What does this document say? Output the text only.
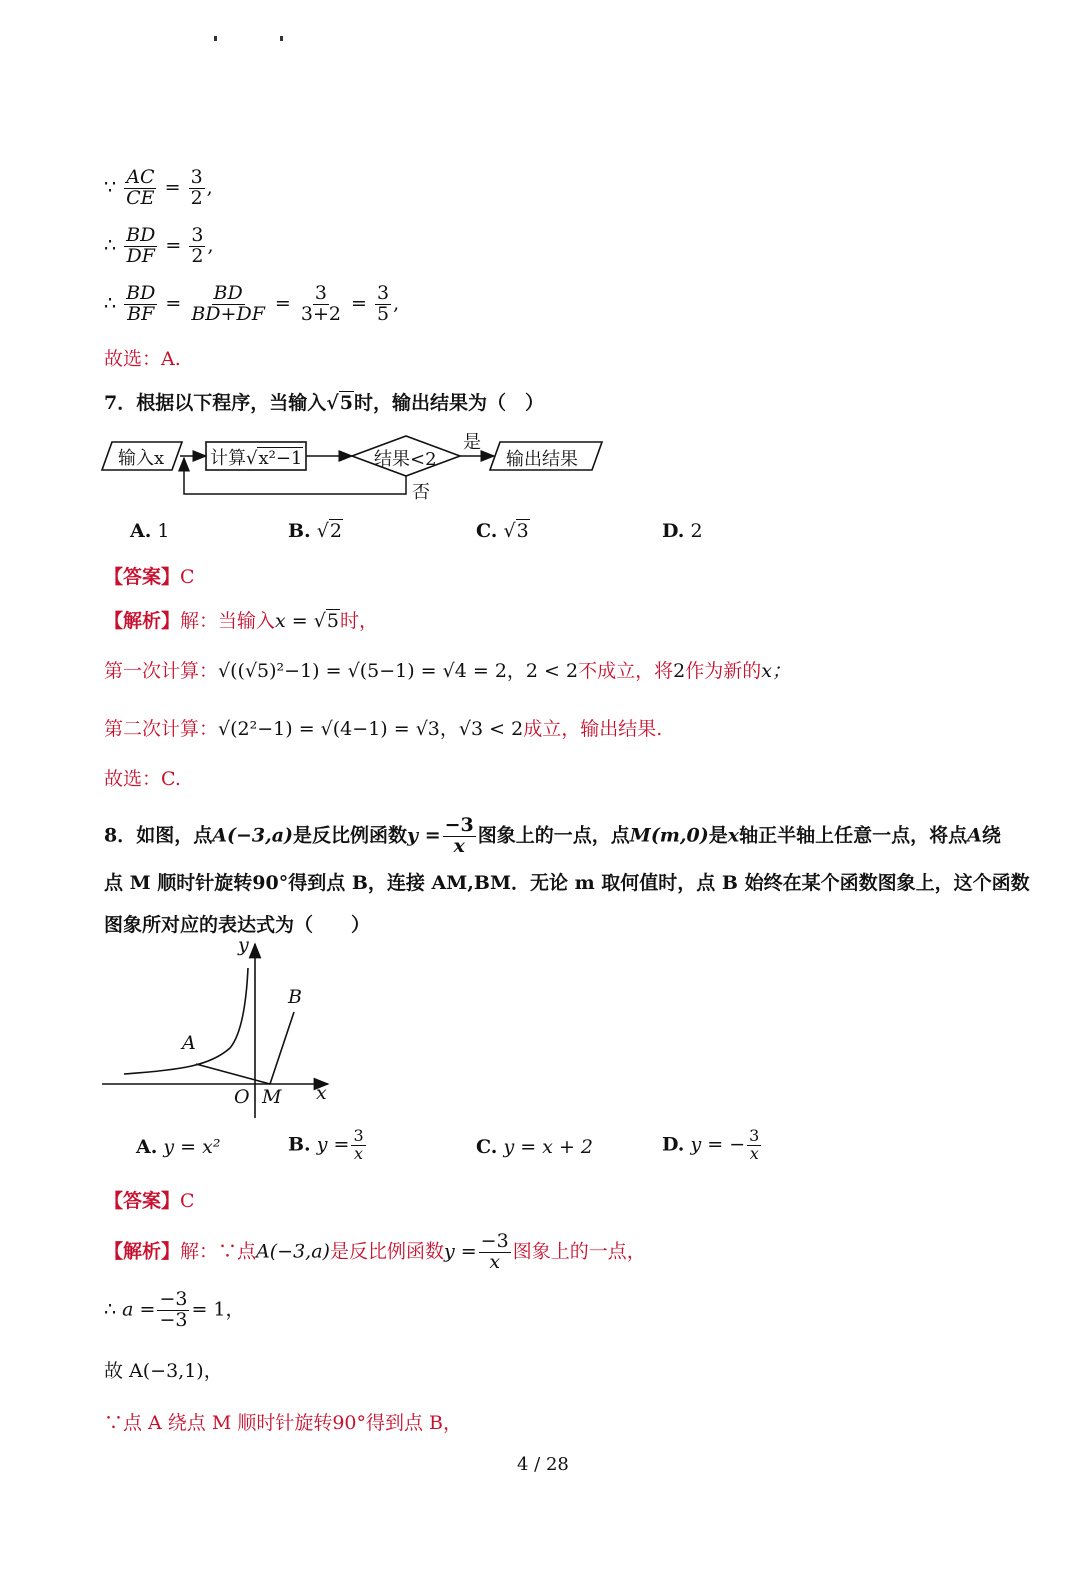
∵ $\frac{AC}{CE} = \frac{3}{2}$ ,
∴ $\frac{BD}{DF} = \frac{3}{2}$ ,
∴ $\frac{BD}{BF} = \frac{BD}{BD+DF} = \frac{3}{3+2} = \frac{3}{5}$ ,
故选：A.
7．根据以下程序，当输入√5时，输出结果为（　）
输入x	计算√x²−1	结果<2
是
否
输出结果
A. 1	B. √2	C. √3	D. 2
【答案】C
【解析】解：当输入x = √5时，
第一次计算：√((√5)²−1) = √(5−1) = √4 = 2，2 < 2不成立，将2作为新的x；
第二次计算：√(2²−1) = √(4−1) = √3，√3 < 2成立，输出结果.
故选：C.
8．如图，点A(−3,a)是反比例函数$y = \frac{-3}{x}$ 图象上的一点，点M(m,0)是x轴正半轴上任意一点，将点A绕
点 M 顺时针旋转90°得到点 B，连接 AM,BM．无论 m 取何值时，点 B 始终在某个函数图象上，这个函数
图象所对应的表达式为（　　）
y
B
A
O M x
A. y = x²	B. $y = \frac{3}{x}$	C. y = x + 2	D. y = − $\frac{3}{x}$
【答案】C
【解析】解：∵点A(−3,a)是反比例函数$y = \frac{-3}{x}$ 图象上的一点，
∴ $a = \frac{-3}{-3} = 1$，
故 A(−3,1)，
∵点 A 绕点 M 顺时针旋转90°得到点 B，
4 / 28
